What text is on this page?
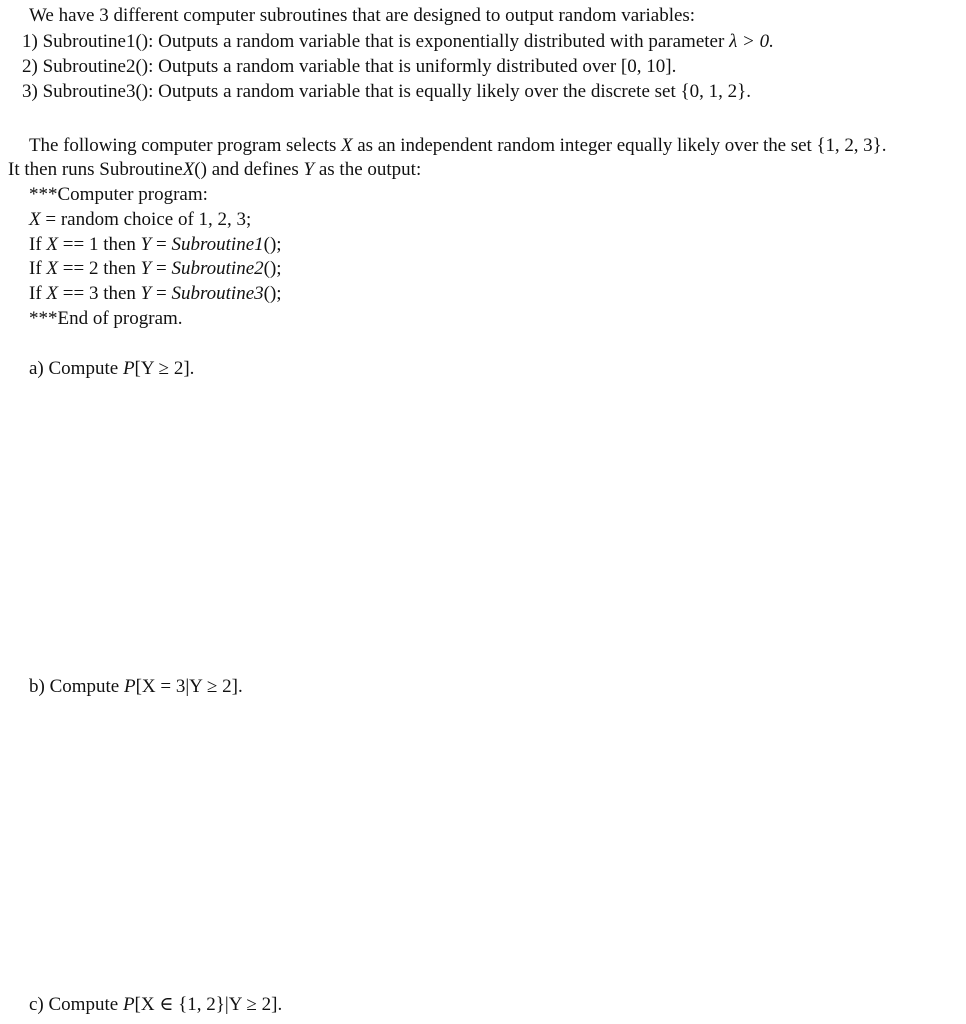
We have 3 different computer subroutines that are designed to output random variables:
1) Subroutine1(): Outputs a random variable that is exponentially distributed with parameter λ > 0.
2) Subroutine2(): Outputs a random variable that is uniformly distributed over [0, 10].
3) Subroutine3(): Outputs a random variable that is equally likely over the discrete set {0, 1, 2}.
The following computer program selects X as an independent random integer equally likely over the set {1, 2, 3}.
It then runs SubroutineX() and defines Y as the output:
***Computer program:
X = random choice of 1, 2, 3;
If X == 1 then Y = Subroutine1();
If X == 2 then Y = Subroutine2();
If X == 3 then Y = Subroutine3();
***End of program.
a) Compute P[Y ≥ 2].
b) Compute P[X = 3|Y ≥ 2].
c) Compute P[X ∈ {1, 2}|Y ≥ 2].
